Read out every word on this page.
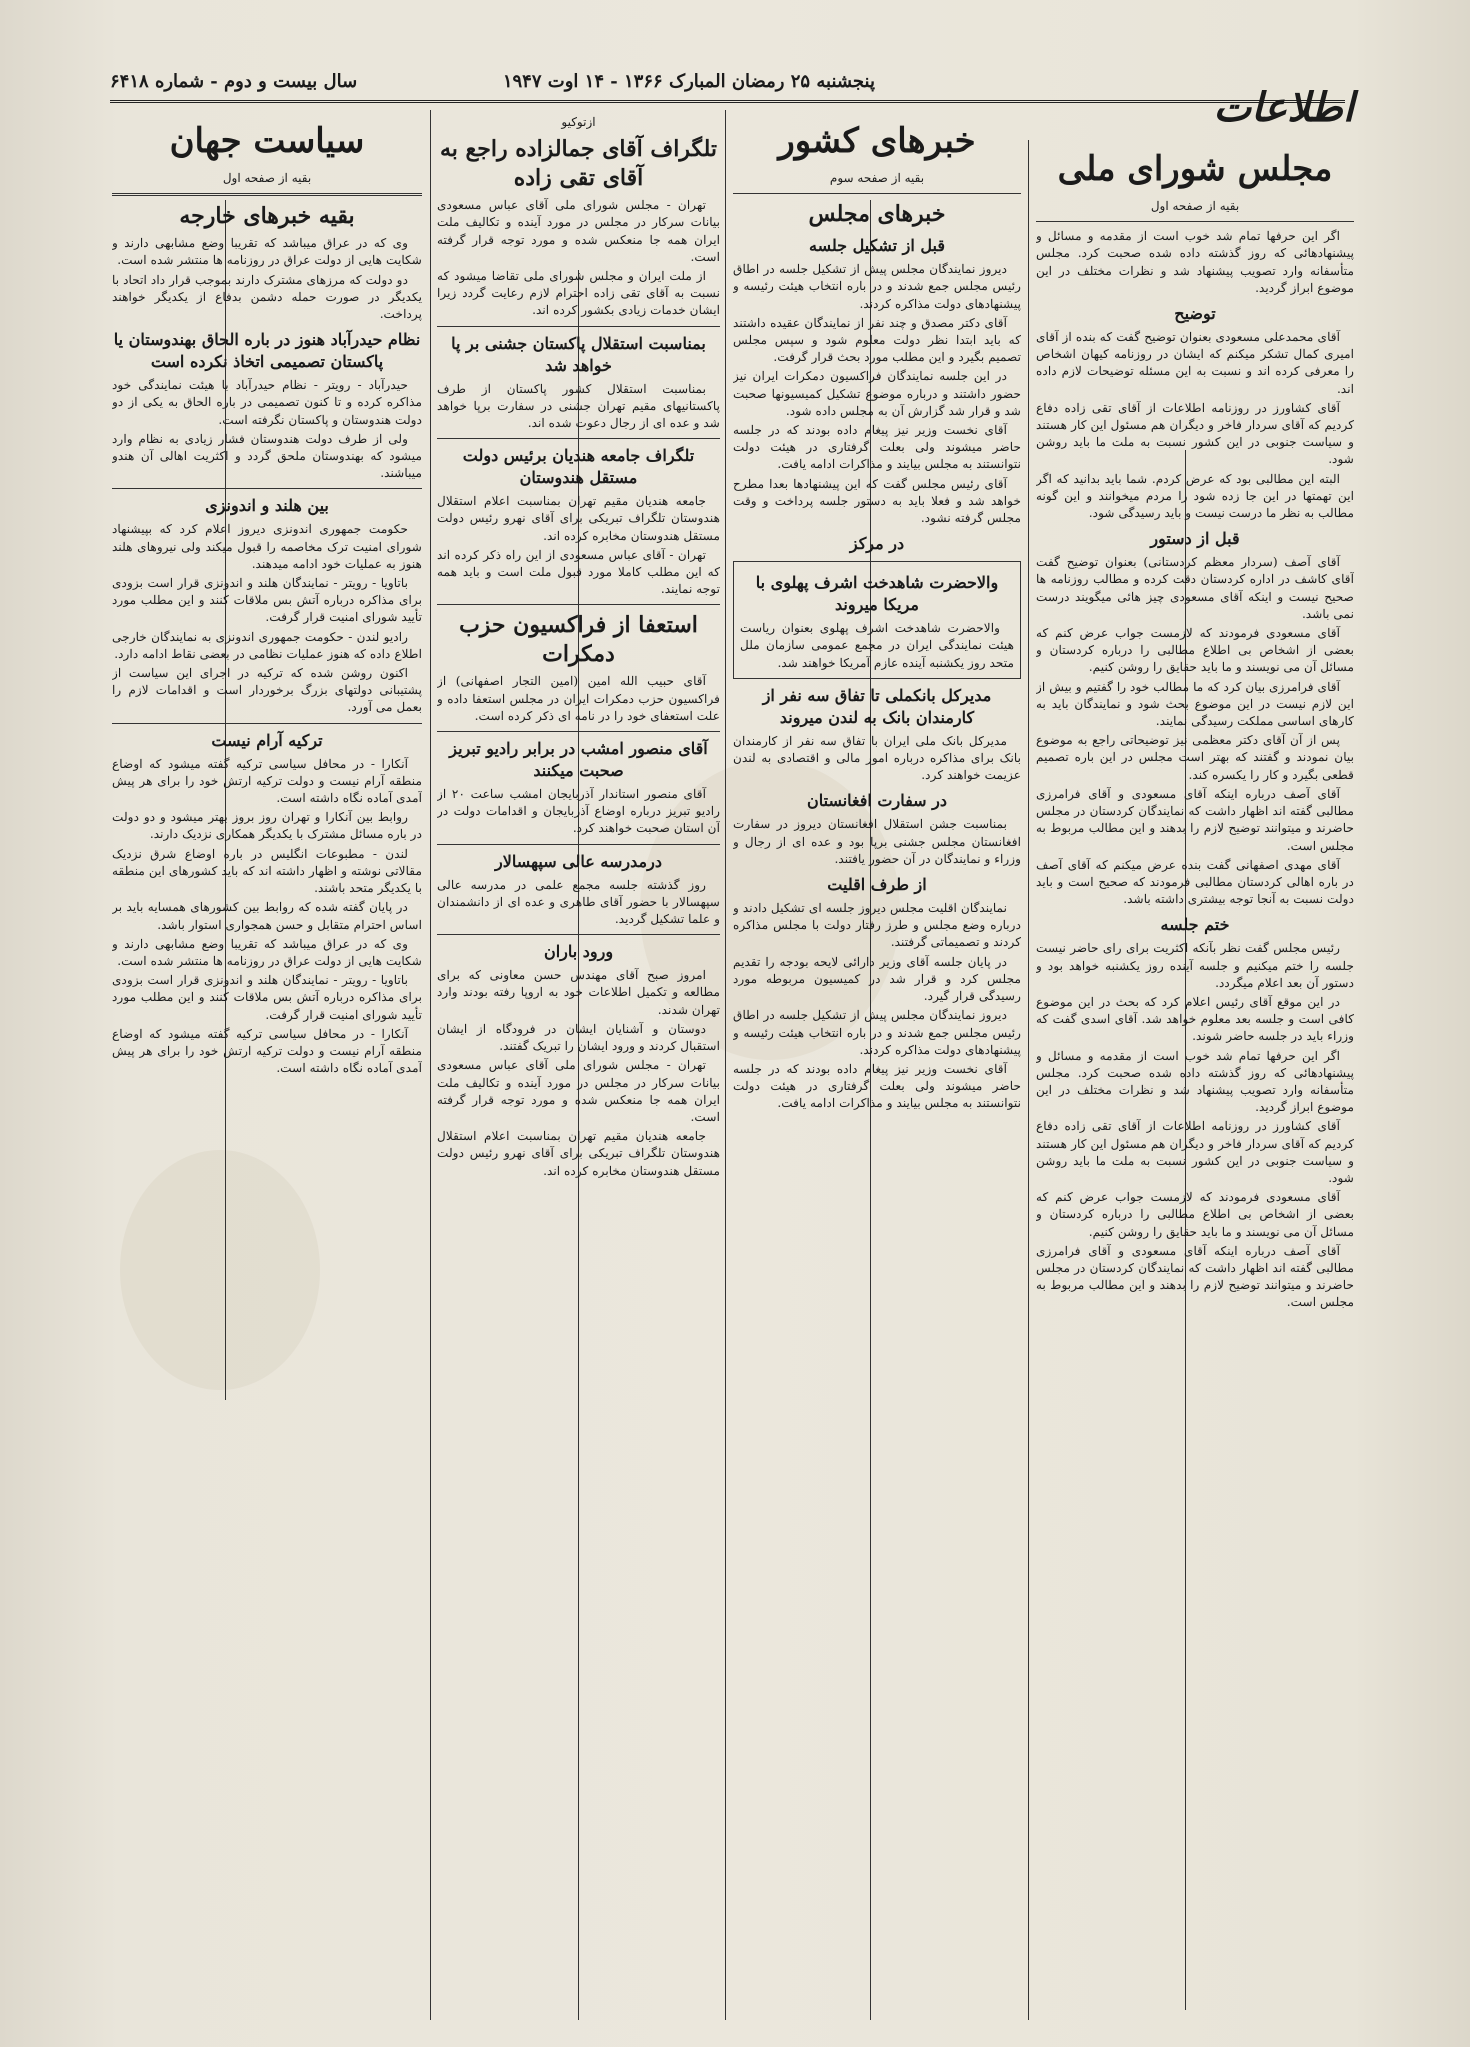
پنجشنبه ۲۵ رمضان المبارک ۱۳۶۶ - ۱۴ اوت ۱۹۴۷
سال بیست و دوم - شماره ۶۴۱۸
اطلاعات
مجلس شورای ملی
بقیه از صفحه اول

اگر این حرفها تمام شد خوب است از مقدمه و مسائل و پیشنهادهائی که روز گذشته داده شده صحبت کرد. مجلس متأسفانه وارد تصویب پیشنهاد شد و نظرات مختلف در این موضوع ابراز گردید.

توضیح

آقای محمدعلی مسعودی بعنوان توضیح گفت که بنده از آقای امیری کمال تشکر میکنم که ایشان در روزنامه کیهان اشخاص را معرفی کرده اند و نسبت به این مسئله توضیحات لازم داده اند.

آقای کشاورز در روزنامه اطلاعات از آقای تقی زاده دفاع کردیم که آقای سردار فاخر و دیگران هم مسئول این کار هستند و سیاست جنوبی در این کشور نسبت به ملت ما باید روشن شود.

البته این مطالبی بود که عرض کردم. شما باید بدانید که اگر این تهمتها در این جا زده شود را مردم میخوانند و این گونه مطالب به نظر ما درست نیست و باید رسیدگی شود.

قبل از دستور

آقای آصف (سردار معظم کردستانی) بعنوان توضیح گفت آقای کاشف در اداره کردستان دقت کرده و مطالب روزنامه ها صحیح نیست و اینکه آقای مسعودی چیز هائی میگویند درست نمی باشد.

آقای مسعودی فرمودند که لازمست جواب عرض کنم که بعضی از اشخاص بی اطلاع مطالبی را درباره کردستان و مسائل آن می نویسند و ما باید حقایق را روشن کنیم.

آقای فرامرزی بیان کرد که ما مطالب خود را گفتیم و بیش از این لازم نیست در این موضوع بحث شود و نمایندگان باید به کارهای اساسی مملکت رسیدگی نمایند.

پس از آن آقای دکتر معظمی نیز توضیحاتی راجع به موضوع بیان نمودند و گفتند که بهتر است مجلس در این باره تصمیم قطعی بگیرد و کار را یکسره کند.

آقای آصف درباره اینکه آقای مسعودی و آقای فرامرزی مطالبی گفته اند اظهار داشت که نمایندگان کردستان در مجلس حاضرند و میتوانند توضیح لازم را بدهند و این مطالب مربوط به مجلس است.

آقای مهدی اصفهانی گفت بنده عرض میکنم که آقای آصف در باره اهالی کردستان مطالبی فرمودند که صحیح است و باید دولت نسبت به آنجا توجه بیشتری داشته باشد.

ختم جلسه

رئیس مجلس گفت نظر بآنکه اکثریت برای رای حاضر نیست جلسه را ختم میکنیم و جلسه آینده روز یکشنبه خواهد بود و دستور آن بعد اعلام میگردد.

در این موقع آقای رئیس اعلام کرد که بحث در این موضوع کافی است و جلسه بعد معلوم خواهد شد. آقای اسدی گفت که وزراء باید در جلسه حاضر شوند.

اگر این حرفها تمام شد خوب است از مقدمه و مسائل و پیشنهادهائی که روز گذشته داده شده صحبت کرد. مجلس متأسفانه وارد تصویب پیشنهاد شد و نظرات مختلف در این موضوع ابراز گردید.

آقای کشاورز در روزنامه اطلاعات از آقای تقی زاده دفاع کردیم که آقای سردار فاخر و دیگران هم مسئول این کار هستند و سیاست جنوبی در این کشور نسبت به ملت ما باید روشن شود.

آقای مسعودی فرمودند که لازمست جواب عرض کنم که بعضی از اشخاص بی اطلاع مطالبی را درباره کردستان و مسائل آن می نویسند و ما باید حقایق را روشن کنیم.

آقای آصف درباره اینکه آقای مسعودی و آقای فرامرزی مطالبی گفته اند اظهار داشت که نمایندگان کردستان در مجلس حاضرند و میتوانند توضیح لازم را بدهند و این مطالب مربوط به مجلس است.

خبرهای کشور
بقیه از صفحه سوم
خبرهای مجلس
قبل از تشکیل جلسه

دیروز نمایندگان مجلس پیش از تشکیل جلسه در اطاق رئیس مجلس جمع شدند و در باره انتخاب هیئت رئیسه و پیشنهادهای دولت مذاکره کردند.

آقای دکتر مصدق و چند نفر از نمایندگان عقیده داشتند که باید ابتدا نظر دولت معلوم شود و سپس مجلس تصمیم بگیرد و این مطلب مورد بحث قرار گرفت.

در این جلسه نمایندگان فراکسیون دمکرات ایران نیز حضور داشتند و درباره موضوع تشکیل کمیسیونها صحبت شد و قرار شد گزارش آن به مجلس داده شود.

آقای نخست وزیر نیز پیغام داده بودند که در جلسه حاضر میشوند ولی بعلت گرفتاری در هیئت دولت نتوانستند به مجلس بیایند و مذاکرات ادامه یافت.

آقای رئیس مجلس گفت که این پیشنهادها بعدا مطرح خواهد شد و فعلا باید به دستور جلسه پرداخت و وقت مجلس گرفته نشود.

در مرکز
والاحضرت شاهدخت اشرف پهلوی با مریکا میروند

والاحضرت شاهدخت اشرف پهلوی بعنوان ریاست هیئت نمایندگی ایران در مجمع عمومی سازمان ملل متحد روز یکشنبه آینده عازم آمریکا خواهند شد.

مدیرکل بانکملی تا تفاق سه نفر از کارمندان بانک به لندن میروند

مدیرکل بانک ملی ایران با تفاق سه نفر از کارمندان بانک برای مذاکره درباره امور مالی و اقتصادی به لندن عزیمت خواهند کرد.

در سفارت افغانستان

بمناسبت جشن استقلال افغانستان دیروز در سفارت افغانستان مجلس جشنی برپا بود و عده ای از رجال و وزراء و نمایندگان در آن حضور یافتند.

از طرف اقلیت

نمایندگان اقلیت مجلس دیروز جلسه ای تشکیل دادند و درباره وضع مجلس و طرز رفتار دولت با مجلس مذاکره کردند و تصمیماتی گرفتند.

در پایان جلسه آقای وزیر دارائی لایحه بودجه را تقدیم مجلس کرد و قرار شد در کمیسیون مربوطه مورد رسیدگی قرار گیرد.

دیروز نمایندگان مجلس پیش از تشکیل جلسه در اطاق رئیس مجلس جمع شدند و در باره انتخاب هیئت رئیسه و پیشنهادهای دولت مذاکره کردند.

آقای نخست وزیر نیز پیغام داده بودند که در جلسه حاضر میشوند ولی بعلت گرفتاری در هیئت دولت نتوانستند به مجلس بیایند و مذاکرات ادامه یافت.

ازتوکیو
تلگراف آقای جمالزاده راجع به آقای تقی زاده

تهران - مجلس شورای ملی آقای عباس مسعودی بیانات سرکار در مجلس در مورد آینده و تکالیف ملت ایران همه جا منعکس شده و مورد توجه قرار گرفته است.

از ملت ایران و مجلس شورای ملی تقاضا میشود که نسبت به آقای تقی زاده احترام لازم رعایت گردد زیرا ایشان خدمات زیادی بکشور کرده اند.

بمناسبت استقلال پاکستان جشنی بر پا خواهد شد

بمناسبت استقلال کشور پاکستان از طرف پاکستانیهای مقیم تهران جشنی در سفارت برپا خواهد شد و عده ای از رجال دعوت شده اند.

تلگراف جامعه هندیان برئیس دولت مستقل هندوستان

جامعه هندیان مقیم تهران بمناسبت اعلام استقلال هندوستان تلگراف تبریکی برای آقای نهرو رئیس دولت مستقل هندوستان مخابره کرده اند.

تهران - آقای عباس مسعودی از این راه ذکر کرده اند که این مطلب کاملا مورد قبول ملت است و باید همه توجه نمایند.

استعفا از فراکسیون حزب دمکرات

آقای حبیب الله امین (امین التجار اصفهانی) از فراکسیون حزب دمکرات ایران در مجلس استعفا داده و علت استعفای خود را در نامه ای ذکر کرده است.

آقای منصور امشب در برابر رادیو تبریز صحبت میکنند

آقای منصور استاندار آذربایجان امشب ساعت ۲۰ از رادیو تبریز درباره اوضاع آذربایجان و اقدامات دولت در آن استان صحبت خواهند کرد.

درمدرسه عالی سپهسالار

روز گذشته جلسه مجمع علمی در مدرسه عالی سپهسالار با حضور آقای طاهری و عده ای از دانشمندان و علما تشکیل گردید.

ورود باران

امروز صبح آقای مهندس حسن معاونی که برای مطالعه و تکمیل اطلاعات خود به اروپا رفته بودند وارد تهران شدند.

دوستان و آشنایان ایشان در فرودگاه از ایشان استقبال کردند و ورود ایشان را تبریک گفتند.

تهران - مجلس شورای ملی آقای عباس مسعودی بیانات سرکار در مجلس در مورد آینده و تکالیف ملت ایران همه جا منعکس شده و مورد توجه قرار گرفته است.

جامعه هندیان مقیم تهران بمناسبت اعلام استقلال هندوستان تلگراف تبریکی برای آقای نهرو رئیس دولت مستقل هندوستان مخابره کرده اند.

سیاست جهان
بقیه از صفحه اول
بقیه خبرهای خارجه

وی که در عراق میباشد که تقریبا وضع مشابهی دارند و شکایت هایی از دولت عراق در روزنامه ها منتشر شده است.

دو دولت که مرزهای مشترک دارند بموجب قرار داد اتحاد با یکدیگر در صورت حمله دشمن بدفاع از یکدیگر خواهند پرداخت.

نظام حیدرآباد هنوز در باره الحاق بهندوستان یا پاکستان تصمیمی اتخاذ نکرده است

حیدرآباد - رویتر - نظام حیدرآباد با هیئت نمایندگی خود مذاکره کرده و تا کنون تصمیمی در باره الحاق به یکی از دو دولت هندوستان و پاکستان نگرفته است.

ولی از طرف دولت هندوستان فشار زیادی به نظام وارد میشود که بهندوستان ملحق گردد و اکثریت اهالی آن هندو میباشند.

بین هلند و اندونزی

حکومت جمهوری اندونزی دیروز اعلام کرد که بپیشنهاد شورای امنیت ترک مخاصمه را قبول میکند ولی نیروهای هلند هنوز به عملیات خود ادامه میدهند.

باتاویا - رویتر - نمایندگان هلند و اندونزی قرار است بزودی برای مذاکره درباره آتش بس ملاقات کنند و این مطلب مورد تأیید شورای امنیت قرار گرفت.

رادیو لندن - حکومت جمهوری اندونزی به نمایندگان خارجی اطلاع داده که هنوز عملیات نظامی در بعضی نقاط ادامه دارد.

اکنون روشن شده که ترکیه در اجرای این سیاست از پشتیبانی دولتهای بزرگ برخوردار است و اقدامات لازم را بعمل می آورد.

ترکیه آرام نیست

آنکارا - در محافل سیاسی ترکیه گفته میشود که اوضاع منطقه آرام نیست و دولت ترکیه ارتش خود را برای هر پیش آمدی آماده نگاه داشته است.

روابط بین آنکارا و تهران روز بروز بهتر میشود و دو دولت در باره مسائل مشترک با یکدیگر همکاری نزدیک دارند.

لندن - مطبوعات انگلیس در باره اوضاع شرق نزدیک مقالاتی نوشته و اظهار داشته اند که باید کشورهای این منطقه با یکدیگر متحد باشند.

در پایان گفته شده که روابط بین کشورهای همسایه باید بر اساس احترام متقابل و حسن همجواری استوار باشد.

وی که در عراق میباشد که تقریبا وضع مشابهی دارند و شکایت هایی از دولت عراق در روزنامه ها منتشر شده است.

باتاویا - رویتر - نمایندگان هلند و اندونزی قرار است بزودی برای مذاکره درباره آتش بس ملاقات کنند و این مطلب مورد تأیید شورای امنیت قرار گرفت.

آنکارا - در محافل سیاسی ترکیه گفته میشود که اوضاع منطقه آرام نیست و دولت ترکیه ارتش خود را برای هر پیش آمدی آماده نگاه داشته است.
